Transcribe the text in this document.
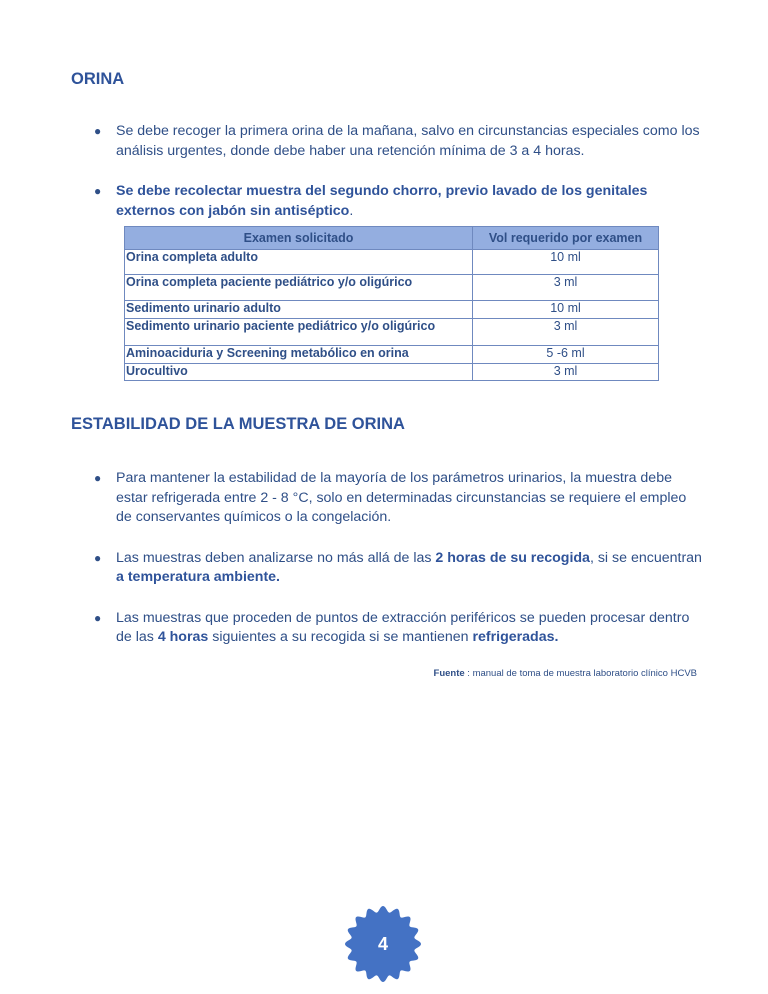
ORINA
● Se debe recoger la primera orina de la mañana, salvo en circunstancias especiales como los análisis urgentes, donde debe haber una retención mínima de 3 a 4 horas.
● Se debe recolectar muestra del segundo chorro, previo lavado de los genitales externos con jabón sin antiséptico.
Examen solicitado	Vol requerido por examen
Orina completa adulto	10 ml
Orina completa paciente pediátrico y/o oligúrico	3 ml
Sedimento urinario adulto	10 ml
Sedimento urinario paciente pediátrico y/o oligúrico	3 ml
Aminoaciduria y Screening metabólico en orina	5 -6 ml
Urocultivo	3 ml
ESTABILIDAD DE LA MUESTRA DE ORINA
● Para mantener la estabilidad de la mayoría de los parámetros urinarios, la muestra debe estar refrigerada entre 2 - 8 °C, solo en determinadas circunstancias se requiere el empleo de conservantes químicos o la congelación.
● Las muestras deben analizarse no más allá de las 2 horas de su recogida, si se encuentran a temperatura ambiente.
● Las muestras que proceden de puntos de extracción periféricos se pueden procesar dentro de las 4 horas siguientes a su recogida si se mantienen refrigeradas.
Fuente : manual de toma de muestra laboratorio clínico HCVB
4
